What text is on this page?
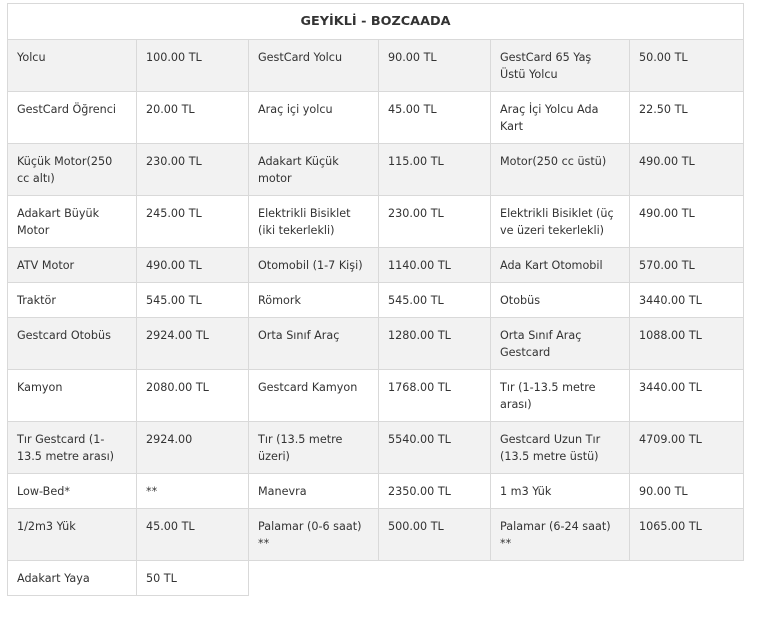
GEYİKLİ - BOZCAADA					
Yolcu	100.00 TL	GestCard Yolcu	90.00 TL	GestCard 65 Yaş Üstü Yolcu	50.00 TL
GestCard Öğrenci	20.00 TL	Araç içi yolcu	45.00 TL	Araç İçi Yolcu Ada Kart	22.50 TL
Küçük Motor(250 cc altı)	230.00 TL	Adakart Küçük motor	115.00 TL	Motor(250 cc üstü)	490.00 TL
Adakart Büyük Motor	245.00 TL	Elektrikli Bisiklet (iki tekerlekli)	230.00 TL	Elektrikli Bisiklet (üç ve üzeri tekerlekli)	490.00 TL
ATV Motor	490.00 TL	Otomobil (1-7 Kişi)	1140.00 TL	Ada Kart Otomobil	570.00 TL
Traktör	545.00 TL	Römork	545.00 TL	Otobüs	3440.00 TL
Gestcard Otobüs	2924.00 TL	Orta Sınıf Araç	1280.00 TL	Orta Sınıf Araç Gestcard	1088.00 TL
Kamyon	2080.00 TL	Gestcard Kamyon	1768.00 TL	Tır (1-13.5 metre arası)	3440.00 TL
Tır Gestcard (1-13.5 metre arası)	2924.00	Tır (13.5 metre üzeri)	5540.00 TL	Gestcard Uzun Tır (13.5 metre üstü)	4709.00 TL
Low-Bed*	**	Manevra	2350.00 TL	1 m3 Yük	90.00 TL
1/2m3 Yük	45.00 TL	Palamar (0-6 saat) **	500.00 TL	Palamar (6-24 saat) **	1065.00 TL
Adakart Yaya	50 TL				
